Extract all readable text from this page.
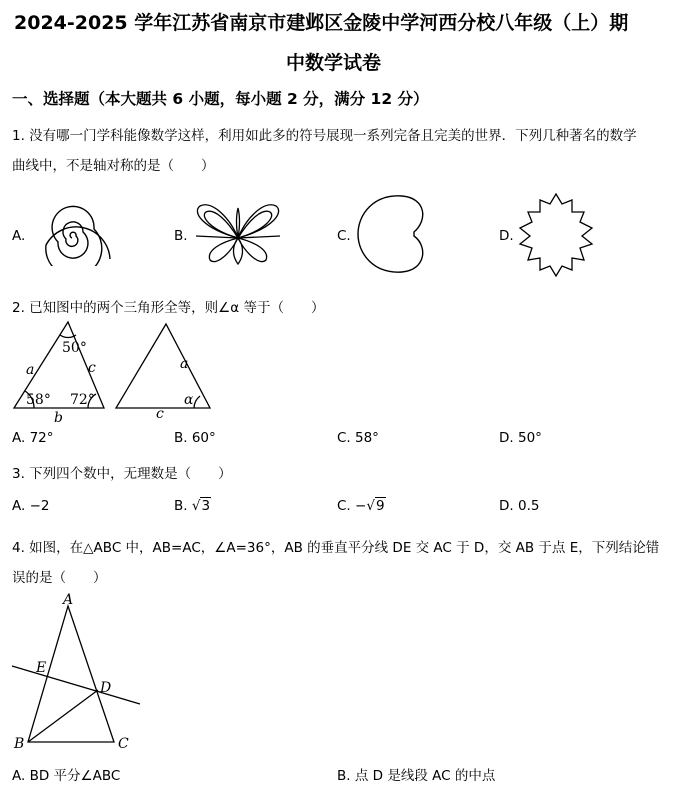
2024-2025 学年江苏省南京市建邺区金陵中学河西分校八年级（上）期
中数学试卷
一、选择题（本大题共 6 小题，每小题 2 分，满分 12 分）
1. 没有哪一门学科能像数学这样，利用如此多的符号展现一系列完备且完美的世界．下列几种著名的数学
曲线中，不是轴对称的是（　　）
A.	B.	C.	D.
2. 已知图中的两个三角形全等，则∠α 等于（　　）
50°
58° 72°
a
b
c	a
c
α
A. 72°	B. 60°	C. 58°	D. 50°
3. 下列四个数中，无理数是（　　）
A. −2	B. √3	C. −√9	D. 0.5
4. 如图，在△ABC 中，AB=AC，∠A=36°，AB 的垂直平分线 DE 交 AC 于 D，交 AB 于点 E，下列结论错
误的是（　　）
A
B	C
D
E
A. BD 平分∠ABC	B. 点 D 是线段 AC 的中点
